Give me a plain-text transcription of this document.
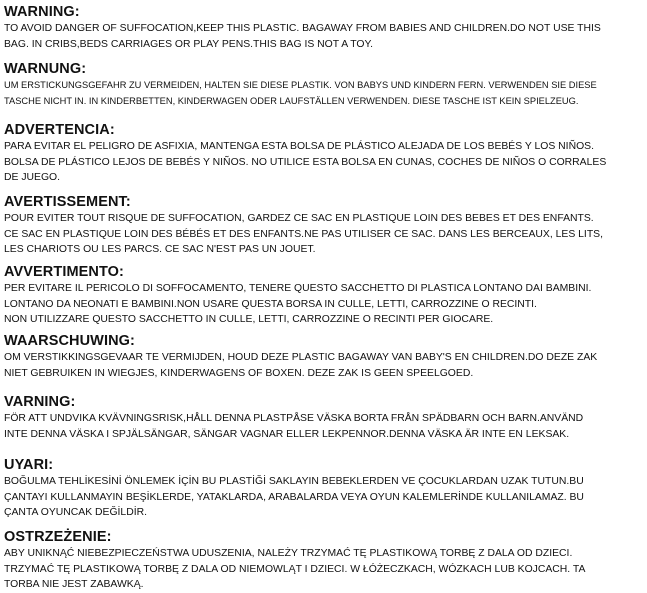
WARNING:
TO AVOID DANGER OF SUFFOCATION,KEEP THIS PLASTIC. BAGAWAY FROM BABIES AND CHILDREN.DO NOT USE THIS
BAG. IN CRIBS,BEDS CARRIAGES OR PLAY PENS.THIS BAG IS NOT A TOY.
WARNUNG:
UM ERSTICKUNGSGEFAHR ZU VERMEIDEN, HALTEN SIE DIESE PLASTIK. VON BABYS UND KINDERN FERN. VERWENDEN SIE DIESE
TASCHE NICHT IN. IN KINDERBETTEN, KINDERWAGEN ODER LAUFSTÄLLEN VERWENDEN. DIESE TASCHE IST KEIN SPIELZEUG.
ADVERTENCIA:
PARA EVITAR EL PELIGRO DE ASFIXIA, MANTENGA ESTA BOLSA DE PLÁSTICO ALEJADA DE LOS BEBÉS Y LOS NIÑOS.
BOLSA DE PLÁSTICO LEJOS DE BEBÉS Y NIÑOS. NO UTILICE ESTA BOLSA EN CUNAS, COCHES DE NIÑOS O CORRALES
DE JUEGO.
AVERTISSEMENT:
POUR EVITER TOUT RISQUE DE SUFFOCATION, GARDEZ CE SAC EN PLASTIQUE LOIN DES BEBES ET DES ENFANTS.
CE SAC EN PLASTIQUE LOIN DES BÉBÉS ET DES ENFANTS.NE PAS UTILISER CE SAC. DANS LES BERCEAUX, LES LITS,
LES CHARIOTS OU LES PARCS. CE SAC N'EST PAS UN JOUET.
AVVERTIMENTO:
PER EVITARE IL PERICOLO DI SOFFOCAMENTO, TENERE QUESTO SACCHETTO DI PLASTICA LONTANO DAI BAMBINI.
LONTANO DA NEONATI E BAMBINI.NON USARE QUESTA BORSA IN CULLE, LETTI, CARROZZINE O RECINTI.
NON UTILIZZARE QUESTO SACCHETTO IN CULLE, LETTI, CARROZZINE O RECINTI PER GIOCARE.
WAARSCHUWING:
OM VERSTIKKINGSGEVAAR TE VERMIJDEN, HOUD DEZE PLASTIC BAGAWAY VAN BABY'S EN CHILDREN.DO DEZE ZAK
NIET GEBRUIKEN IN WIEGJES, KINDERWAGENS OF BOXEN. DEZE ZAK IS GEEN SPEELGOED.
VARNING:
FÖR ATT UNDVIKA KVÄVNINGSRISK,HÅLL DENNA PLASTPÅSE VÄSKA BORTA FRÅN SPÄDBARN OCH BARN.ANVÄND
INTE DENNA VÄSKA I SPJÄLSÄNGAR, SÄNGAR VAGNAR ELLER LEKPENNOR.DENNA VÄSKA ÄR INTE EN LEKSAK.
UYARI:
BOĞULMA TEHLİKESİNİ ÖNLEMEK İÇİN BU PLASTİĞİ SAKLAYIN BEBEKLERDEN VE ÇOCUKLARDAN UZAK TUTUN.BU
ÇANTAYI KULLANMAYIN BEŞİKLERDE, YATAKLARDA, ARABALARDA VEYA OYUN KALEMLERİNDE KULLANILAMAZ. BU
ÇANTA OYUNCAK DEĞİLDİR.
OSTRZEŻENIE:
ABY UNIKNĄĆ NIEBEZPIECZEŃSTWA UDUSZENIA, NALEŻY TRZYMAĆ TĘ PLASTIKOWĄ TORBĘ Z DALA OD DZIECI.
TRZYMAĆ TĘ PLASTIKOWĄ TORBĘ Z DALA OD NIEMOWLĄT I DZIECI. W ŁÓŻECZKACH, WÓZKACH LUB KOJCACH. TA
TORBA NIE JEST ZABAWKĄ.
